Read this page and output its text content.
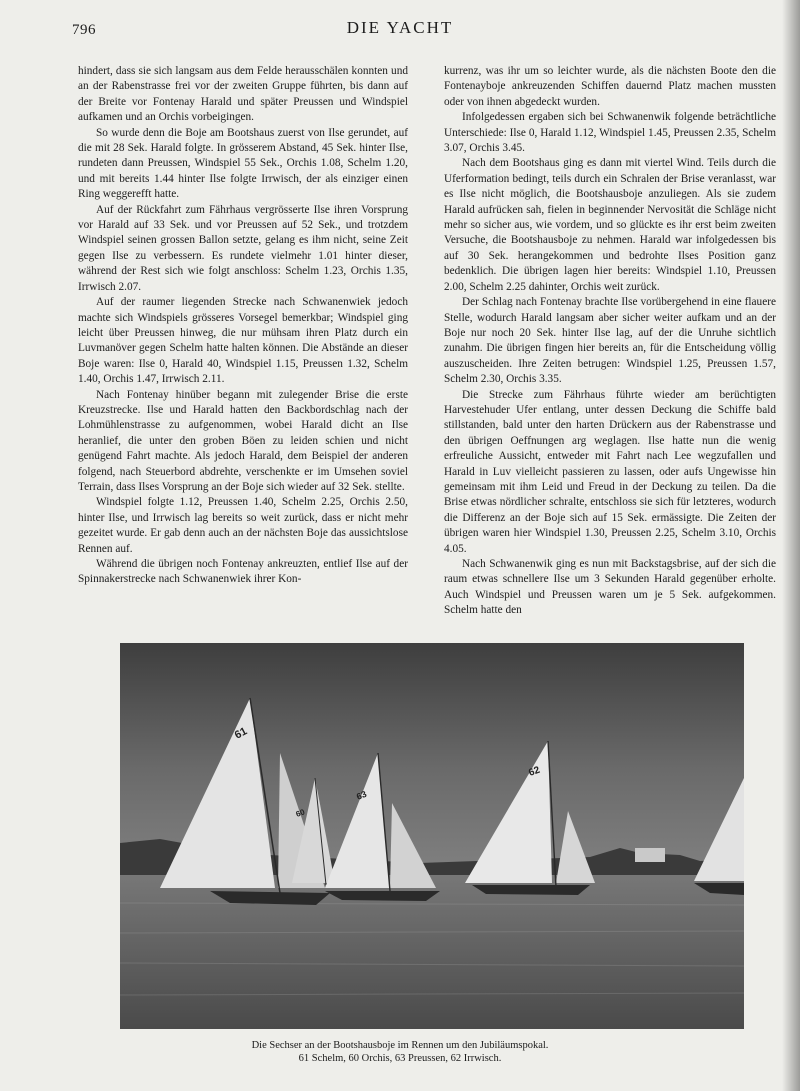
796	DIE YACHT

hindert, dass sie sich langsam aus dem Felde herausschälen konnten und an der Rabenstrasse frei vor der zweiten Gruppe führten, bis dann auf der Breite vor Fontenay Harald und später Preussen und Windspiel aufkamen und an Orchis vorbeigingen.

So wurde denn die Boje am Bootshaus zuerst von Ilse gerundet, auf die mit 28 Sek. Harald folgte. In grösserem Abstand, 45 Sek. hinter Ilse, rundeten dann Preussen, Windspiel 55 Sek., Orchis 1.08, Schelm 1.20, und mit bereits 1.44 hinter Ilse folgte Irrwisch, der als einziger einen Ring weggerefft hatte.

Auf der Rückfahrt zum Fährhaus vergrösserte Ilse ihren Vorsprung vor Harald auf 33 Sek. und vor Preussen auf 52 Sek., und trotzdem Windspiel seinen grossen Ballon setzte, gelang es ihm nicht, seine Zeit gegen Ilse zu verbessern. Es rundete vielmehr 1.01 hinter dieser, während der Rest sich wie folgt anschloss: Schelm 1.23, Orchis 1.35, Irrwisch 2.07.

Auf der raumer liegenden Strecke nach Schwanenwiek jedoch machte sich Windspiels grösseres Vorsegel bemerkbar; Windspiel ging leicht über Preussen hinweg, die nur mühsam ihren Platz durch ein Luvmanöver gegen Schelm hatte halten können. Die Abstände an dieser Boje waren: Ilse 0, Harald 40, Windspiel 1.15, Preussen 1.32, Schelm 1.40, Orchis 1.47, Irrwisch 2.11.

Nach Fontenay hinüber begann mit zulegender Brise die erste Kreuzstrecke. Ilse und Harald hatten den Backbordschlag nach der Lohmühlenstrasse zu aufgenommen, wobei Harald dicht an Ilse heranlief, die unter den groben Böen zu leiden schien und nicht genügend Fahrt machte. Als jedoch Harald, dem Beispiel der anderen folgend, nach Steuerbord abdrehte, verschenkte er im Umsehen soviel Terrain, dass Ilses Vorsprung an der Boje sich wieder auf 32 Sek. stellte.

Windspiel folgte 1.12, Preussen 1.40, Schelm 2.25, Orchis 2.50, hinter Ilse, und Irrwisch lag bereits so weit zurück, dass er nicht mehr gezeitet wurde. Er gab denn auch an der nächsten Boje das aussichtslose Rennen auf.

Während die übrigen noch Fontenay ankreuzten, entlief Ilse auf der Spinnakerstrecke nach Schwanenwiek ihrer Kon-

kurrenz, was ihr um so leichter wurde, als die nächsten Boote den die Fontenayboje ankreuzenden Schiffen dauernd Platz machen mussten oder von ihnen abgedeckt wurden.

Infolgedessen ergaben sich bei Schwanenwik folgende beträchtliche Unterschiede: Ilse 0, Harald 1.12, Windspiel 1.45, Preussen 2.35, Schelm 3.07, Orchis 3.45.

Nach dem Bootshaus ging es dann mit viertel Wind. Teils durch die Uferformation bedingt, teils durch ein Schralen der Brise veranlasst, war es Ilse nicht möglich, die Bootshausboje anzuliegen. Als sie zudem Harald aufrücken sah, fielen in beginnender Nervosität die Schläge nicht mehr so sicher aus, wie vordem, und so glückte es ihr erst beim zweiten Versuche, die Bootshausboje zu nehmen. Harald war infolgedessen bis auf 30 Sek. herangekommen und bedrohte Ilses Position ganz bedenklich. Die übrigen lagen hier bereits: Windspiel 1.10, Preussen 2.00, Schelm 2.25 dahinter, Orchis weit zurück.

Der Schlag nach Fontenay brachte Ilse vorübergehend in eine flauere Stelle, wodurch Harald langsam aber sicher weiter aufkam und an der Boje nur noch 20 Sek. hinter Ilse lag, auf der die Unruhe sichtlich zunahm. Die übrigen fingen hier bereits an, für die Entscheidung völlig auszuscheiden. Ihre Zeiten betrugen: Windspiel 1.25, Preussen 1.57, Schelm 2.30, Orchis 3.35.

Die Strecke zum Fährhaus führte wieder am berüchtigten Harvestehuder Ufer entlang, unter dessen Deckung die Schiffe bald stillstanden, bald unter den harten Drückern aus der Rabenstrasse und den übrigen Oeffnungen arg weglagen. Ilse hatte nun die wenig erfreuliche Aussicht, entweder mit Fahrt nach Lee wegzufallen und Harald in Luv vielleicht passieren zu lassen, oder aufs Ungewisse hin gemeinsam mit ihm Leid und Freud in der Deckung zu teilen. Da die Brise etwas nördlicher schralte, entschloss sie sich für letzteres, wodurch die Differenz an der Boje sich auf 15 Sek. ermässigte. Die Zeiten der übrigen waren hier Windspiel 1.30, Preussen 2.25, Schelm 3.10, Orchis 4.05.

Nach Schwanenwik ging es nun mit Backstagsbrise, auf der sich die raum etwas schnellere Ilse um 3 Sekunden Harald gegenüber erholte. Auch Windspiel und Preussen waren um je 5 Sek. aufgekommen. Schelm hatte den

61
60
63
62
Die Sechser an der Bootshausboje im Rennen um den Jubiläumspokal.
61 Schelm, 60 Orchis, 63 Preussen, 62 Irrwisch.
